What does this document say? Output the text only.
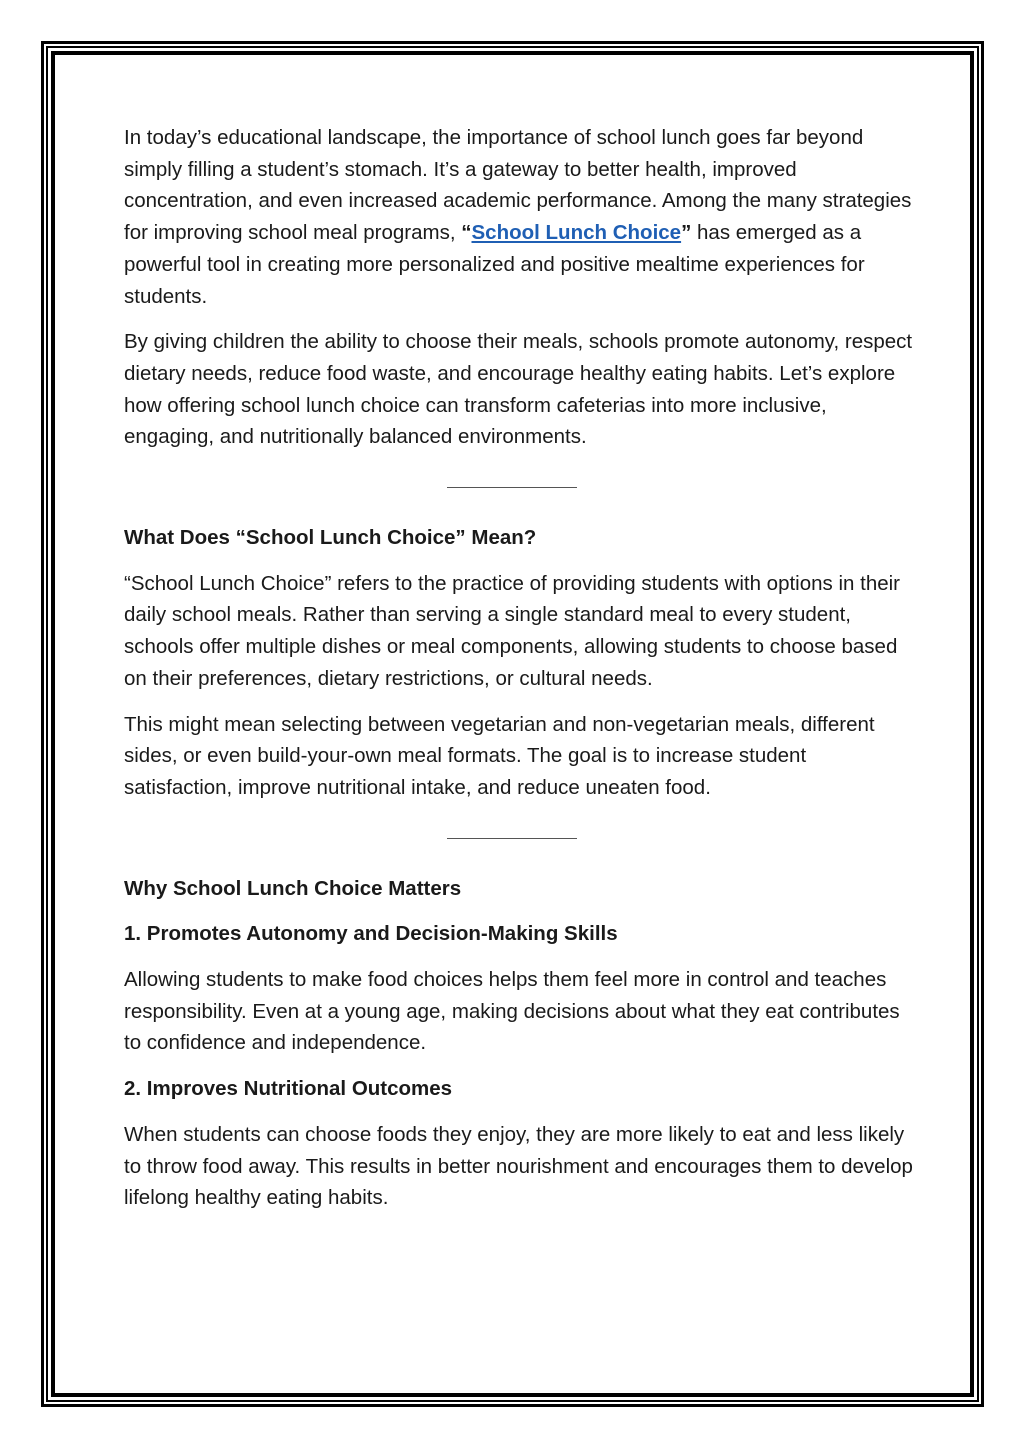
In today’s educational landscape, the importance of school lunch goes far beyond simply filling a student’s stomach. It’s a gateway to better health, improved concentration, and even increased academic performance. Among the many strategies for improving school meal programs, “School Lunch Choice” has emerged as a powerful tool in creating more personalized and positive mealtime experiences for students.

By giving children the ability to choose their meals, schools promote autonomy, respect dietary needs, reduce food waste, and encourage healthy eating habits. Let’s explore how offering school lunch choice can transform cafeterias into more inclusive, engaging, and nutritionally balanced environments.

What Does “School Lunch Choice” Mean?

“School Lunch Choice” refers to the practice of providing students with options in their daily school meals. Rather than serving a single standard meal to every student, schools offer multiple dishes or meal components, allowing students to choose based on their preferences, dietary restrictions, or cultural needs.

This might mean selecting between vegetarian and non-vegetarian meals, different sides, or even build-your-own meal formats. The goal is to increase student satisfaction, improve nutritional intake, and reduce uneaten food.

Why School Lunch Choice Matters

1. Promotes Autonomy and Decision-Making Skills

Allowing students to make food choices helps them feel more in control and teaches responsibility. Even at a young age, making decisions about what they eat contributes to confidence and independence.

2. Improves Nutritional Outcomes

When students can choose foods they enjoy, they are more likely to eat and less likely to throw food away. This results in better nourishment and encourages them to develop lifelong healthy eating habits.
